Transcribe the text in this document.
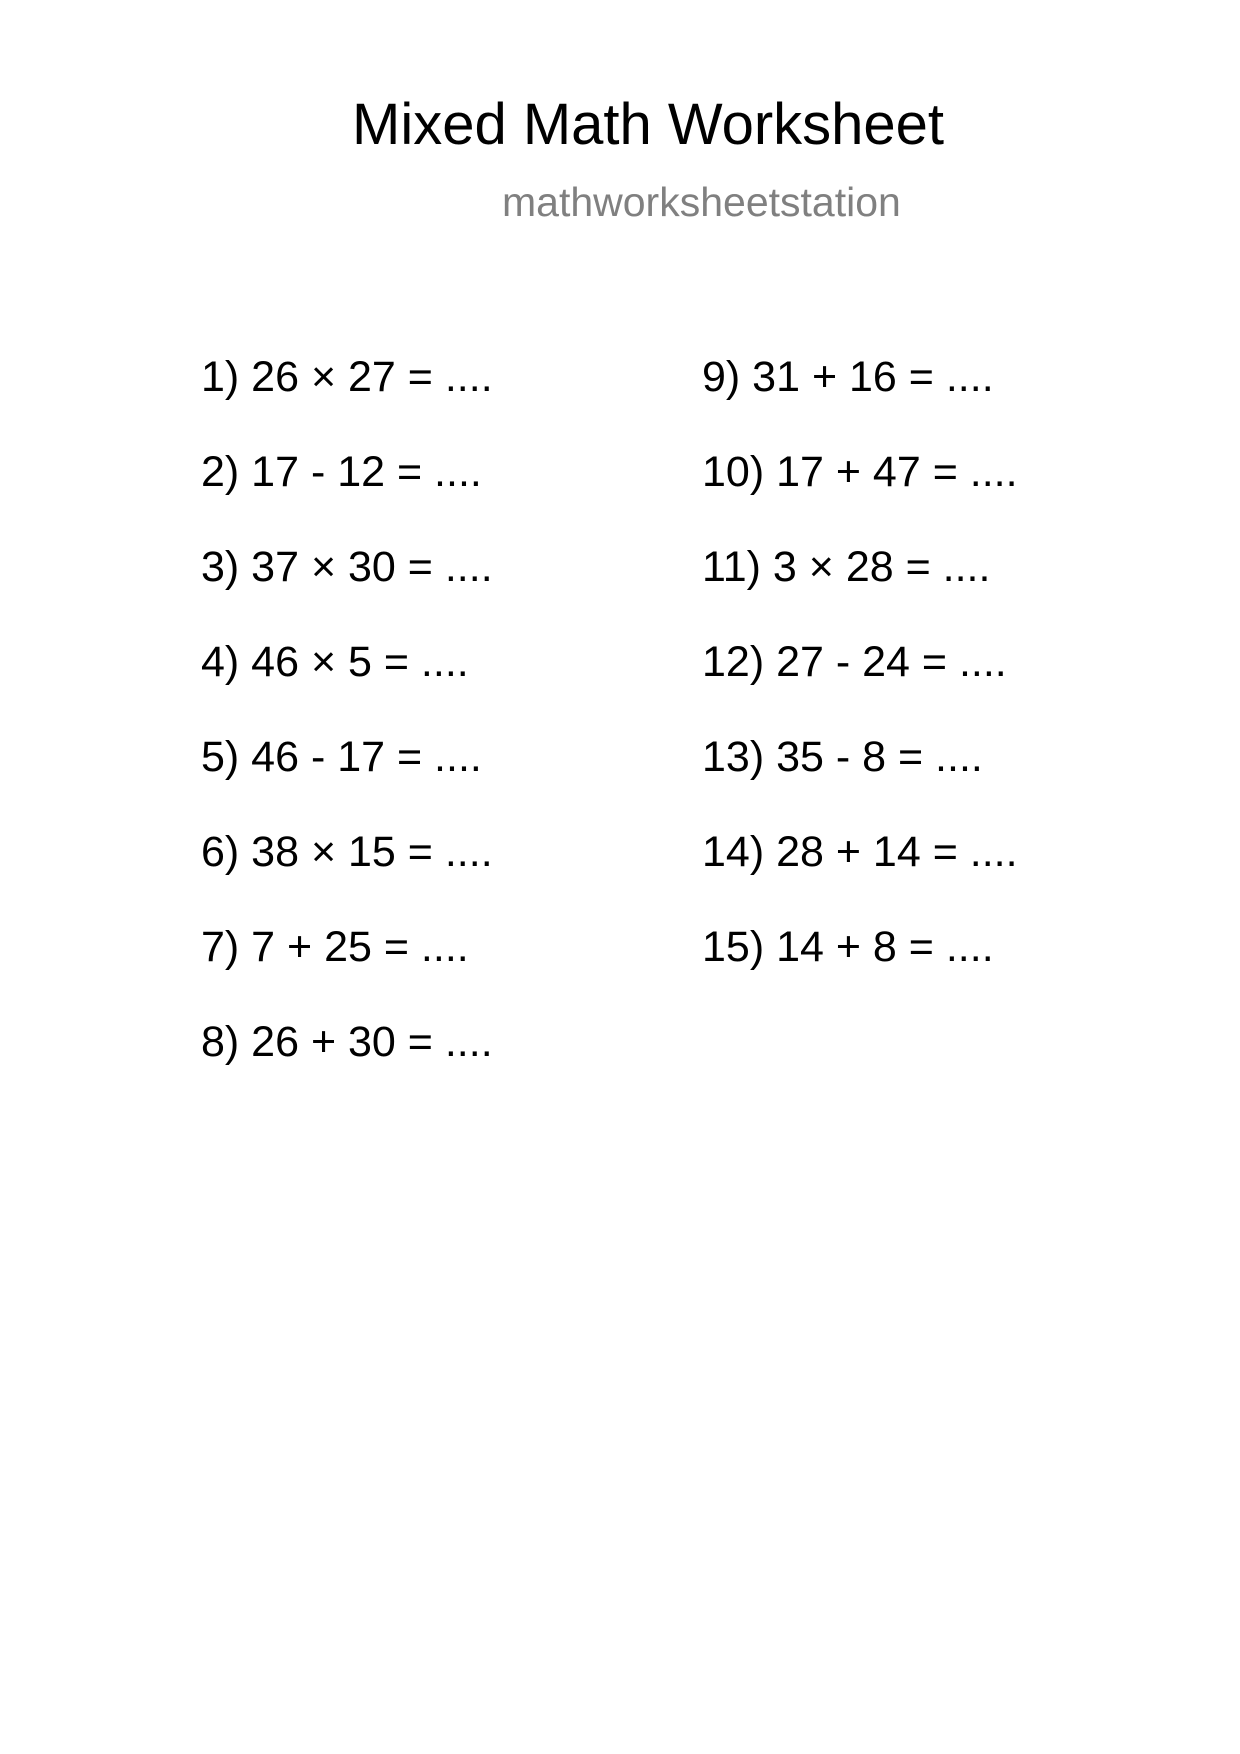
Mixed Math Worksheet
mathworksheetstation
1) 26 × 27 = ....
2) 17 - 12 = ....
3) 37 × 30 = ....
4) 46 × 5 = ....
5) 46 - 17 = ....
6) 38 × 15 = ....
7) 7 + 25 = ....
8) 26 + 30 = ....
9) 31 + 16 = ....
10) 17 + 47 = ....
11) 3 × 28 = ....
12) 27 - 24 = ....
13) 35 - 8 = ....
14) 28 + 14 = ....
15) 14 + 8 = ....
